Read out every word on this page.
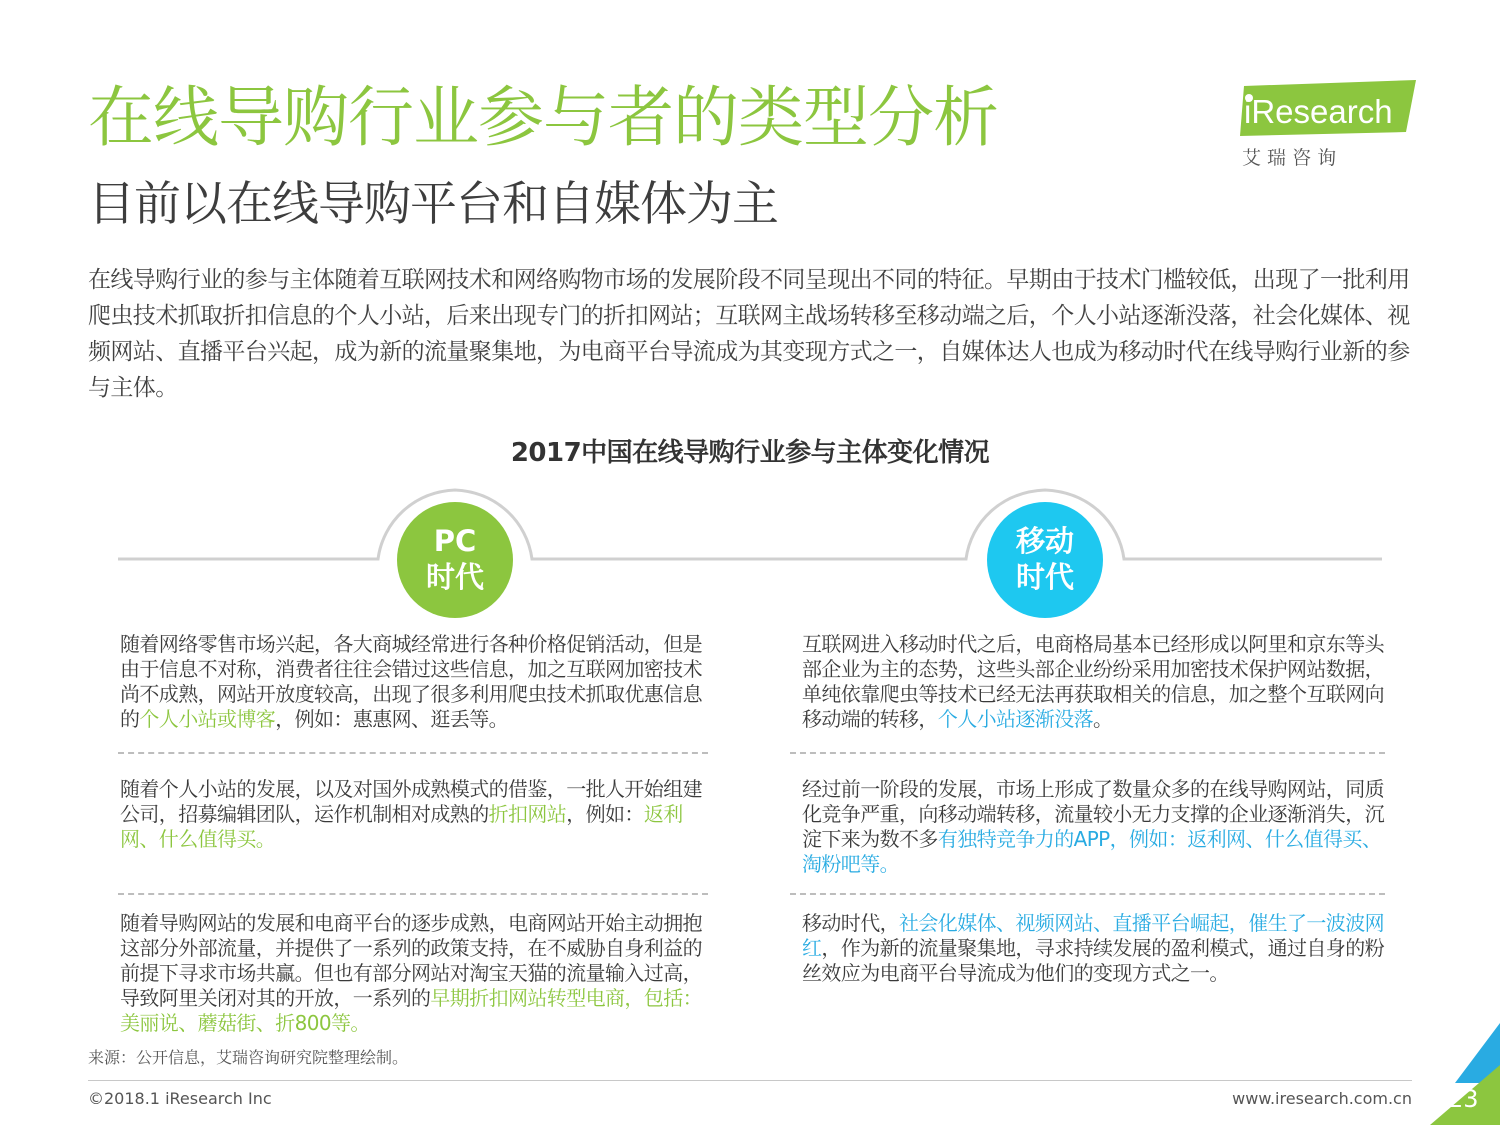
在线导购行业参与者的类型分析
目前以在线导购平台和自媒体为主
iResearch
艾 瑞 咨 询
在线导购行业的参与主体随着互联网技术和网络购物市场的发展阶段不同呈现出不同的特征。早期由于技术门槛较低，出现了一批利用爬虫技术抓取折扣信息的个人小站，后来出现专门的折扣网站；互联网主战场转移至移动端之后，个人小站逐渐没落，社会化媒体、视频网站、直播平台兴起，成为新的流量聚集地，为电商平台导流成为其变现方式之一，自媒体达人也成为移动时代在线导购行业新的参与主体。
2017中国在线导购行业参与主体变化情况
PC
时代
移动
时代
随着网络零售市场兴起，各大商城经常进行各种价格促销活动，但是由于信息不对称，消费者往往会错过这些信息，加之互联网加密技术尚不成熟，网站开放度较高，出现了很多利用爬虫技术抓取优惠信息的个人小站或博客，例如：惠惠网、逛丢等。
随着个人小站的发展，以及对国外成熟模式的借鉴，一批人开始组建公司，招募编辑团队，运作机制相对成熟的折扣网站，例如：返利网、什么值得买。
随着导购网站的发展和电商平台的逐步成熟，电商网站开始主动拥抱这部分外部流量，并提供了一系列的政策支持，在不威胁自身利益的前提下寻求市场共赢。但也有部分网站对淘宝天猫的流量输入过高，导致阿里关闭对其的开放，一系列的早期折扣网站转型电商，包括：美丽说、蘑菇街、折800等。
互联网进入移动时代之后，电商格局基本已经形成以阿里和京东等头部企业为主的态势，这些头部企业纷纷采用加密技术保护网站数据，单纯依靠爬虫等技术已经无法再获取相关的信息，加之整个互联网向移动端的转移，个人小站逐渐没落。
经过前一阶段的发展，市场上形成了数量众多的在线导购网站，同质化竞争严重，向移动端转移，流量较小无力支撑的企业逐渐消失，沉淀下来为数不多有独特竞争力的APP，例如：返利网、什么值得买、淘粉吧等。
移动时代，社会化媒体、视频网站、直播平台崛起，催生了一波波网红，作为新的流量聚集地，寻求持续发展的盈利模式，通过自身的粉丝效应为电商平台导流成为他们的变现方式之一。
来源：公开信息，艾瑞咨询研究院整理绘制。
©2018.1 iResearch Inc	www.iresearch.com.cn 23
